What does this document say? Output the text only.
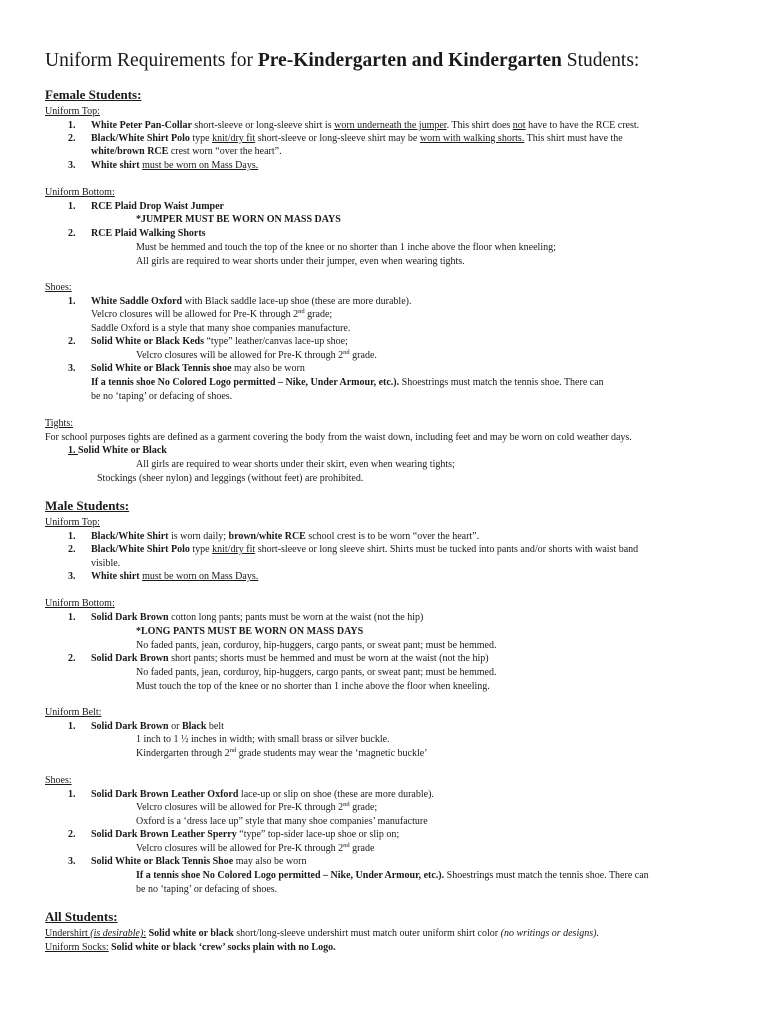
Uniform Requirements for Pre-Kindergarten and Kindergarten Students:
Female Students:
Uniform Top:
1. White Peter Pan-Collar short-sleeve or long-sleeve shirt is worn underneath the jumper. This shirt does not have to have the RCE crest.
2. Black/White Shirt Polo type knit/dry fit short-sleeve or long-sleeve shirt may be worn with walking shorts. This shirt must have the
white/brown RCE crest worn “over the heart”.
3. White shirt must be worn on Mass Days.
Uniform Bottom:
1. RCE Plaid Drop Waist Jumper
*JUMPER MUST BE WORN ON MASS DAYS
2. RCE Plaid Walking Shorts
Must be hemmed and touch the top of the knee or no shorter than 1 inche above the floor when kneeling;
All girls are required to wear shorts under their jumper, even when wearing tights.
Shoes:
1. White Saddle Oxford with Black saddle lace-up shoe (these are more durable).
Velcro closures will be allowed for Pre-K through 2nd grade;
Saddle Oxford is a style that many shoe companies manufacture.
2. Solid White or Black Keds “type” leather/canvas lace-up shoe;
Velcro closures will be allowed for Pre-K through 2nd grade.
3. Solid White or Black Tennis shoe may also be worn
If a tennis shoe No Colored Logo permitted – Nike, Under Armour, etc.). Shoestrings must match the tennis shoe. There can
be no ‘taping’ or defacing of shoes.
Tights:
For school purposes tights are defined as a garment covering the body from the waist down, including feet and may be worn on cold weather days.
1. Solid White or Black
All girls are required to wear shorts under their skirt, even when wearing tights;
Stockings (sheer nylon) and leggings (without feet) are prohibited.
Male Students:
Uniform Top:
1. Black/White Shirt is worn daily; brown/white RCE school crest is to be worn “over the heart”.
2. Black/White Shirt Polo type knit/dry fit short-sleeve or long sleeve shirt. Shirts must be tucked into pants and/or shorts with waist band
visible.
3. White shirt must be worn on Mass Days.
Uniform Bottom:
1. Solid Dark Brown cotton long pants; pants must be worn at the waist (not the hip)
*LONG PANTS MUST BE WORN ON MASS DAYS
No faded pants, jean, corduroy, hip-huggers, cargo pants, or sweat pant; must be hemmed.
2. Solid Dark Brown short pants; shorts must be hemmed and must be worn at the waist (not the hip)
No faded pants, jean, corduroy, hip-huggers, cargo pants, or sweat pant; must be hemmed.
Must touch the top of the knee or no shorter than 1 inche above the floor when kneeling.
Uniform Belt:
1. Solid Dark Brown or Black belt
1 inch to 1 ½ inches in width; with small brass or silver buckle.
Kindergarten through 2nd grade students may wear the ‘magnetic buckle’
Shoes:
1. Solid Dark Brown Leather Oxford lace-up or slip on shoe (these are more durable).
Velcro closures will be allowed for Pre-K through 2nd grade;
Oxford is a ‘dress lace up” style that many shoe companies’ manufacture
2. Solid Dark Brown Leather Sperry “type” top-sider lace-up shoe or slip on;
Velcro closures will be allowed for Pre-K through 2nd grade
3. Solid White or Black Tennis Shoe may also be worn
If a tennis shoe No Colored Logo permitted – Nike, Under Armour, etc.). Shoestrings must match the tennis shoe. There can
be no ‘taping’ or defacing of shoes.
All Students:
Undershirt (is desirable): Solid white or black short/long-sleeve undershirt must match outer uniform shirt color (no writings or designs).
Uniform Socks: Solid white or black ‘crew’ socks plain with no Logo.
